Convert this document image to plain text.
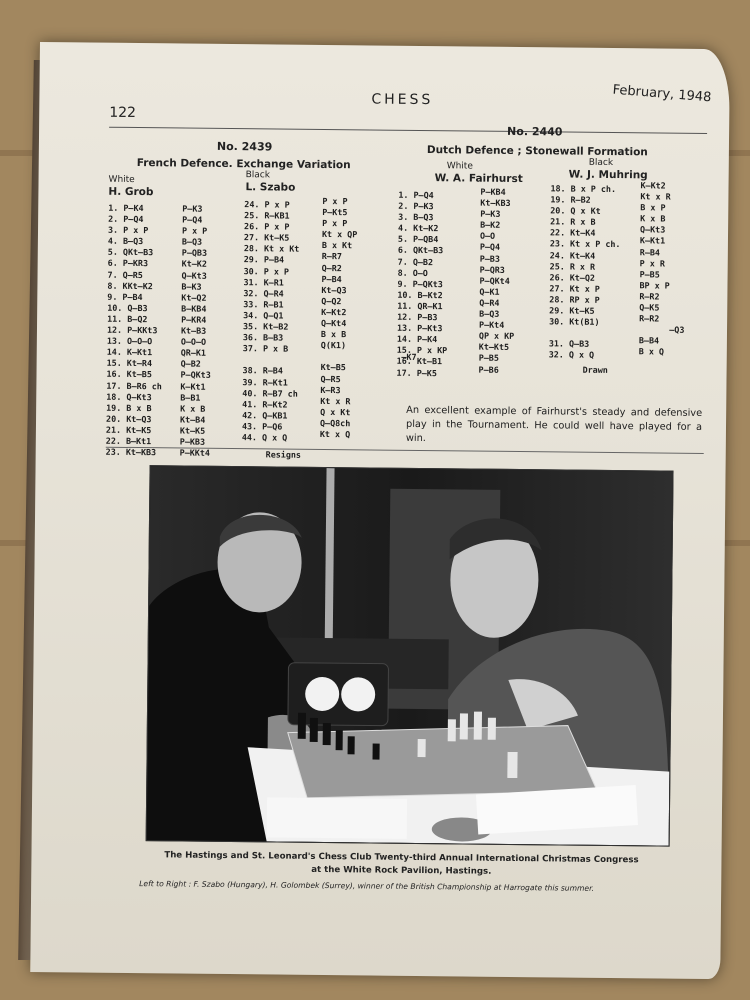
122
CHESS	February, 1948
No. 2439
French Defence. Exchange Variation
White
H. Grob
Black
L. Szabo
1. P—K4
2. P—Q4
3. P x P
4. B—Q3
5. QKt—B3
6. P—KR3
7. Q—R5
8. KKt—K2
9. P—B4
10. Q—B3
11. B—Q2
12. P—KKt3
13. O—O—O
14. K—Kt1
15. Kt—R4
16. Kt—B5
17. B—R6 ch
18. Q—Kt3
19. B x B
20. Kt—Q3
21. Kt—K5
22. B—Kt1
23. Kt—KB3
P—K3
P—Q4
P x P
B—Q3
P—QB3
Kt—K2
Q—Kt3
B—K3
Kt—Q2
B—KB4
P—KR4
Kt—B3
O—O—O
QR—K1
Q—B2
P—QKt3
K—Kt1
B—B1
K x B
Kt—B4
Kt—K5
P—KB3
P—KKt4
24. P x P
25. R—KB1
26. P x P
27. Kt—K5
28. Kt x Kt
29. P—B4
30. P x P
31. K—R1
32. Q—R4
33. R—B1
34. Q—Q1
35. Kt—B2
36. B—B3
37. P x B
38. R—B4
39. R—Kt1
40. R—B7 ch
41. R—Kt2
42. Q—KB1
43. P—Q6
44. Q x Q
P x P
P—Kt5
P x P
Kt x QP
B x Kt
R—R7
Q—R2
P—B4
Kt—Q3
Q—Q2
K—Kt2
Q—Kt4
B x B
Q(K1)
—K7
Kt—B5
Q—R5
K—R3
Kt x R
Q x Kt
Q—Q8ch
Kt x Q
Resigns
No. 2440
Dutch Defence ; Stonewall Formation
White
W. A. Fairhurst
Black
W. J. Muhring
1. P—Q4
2. P—K3
3. B—Q3
4. Kt—K2
5. P—QB4
6. QKt—B3
7. Q—B2
8. O—O
9. P—QKt3
10. B—Kt2
11. QR—K1
12. P—B3
13. P—Kt3
14. P—K4
15. P x KP
16. Kt—B1
17. P—K5
P—KB4
Kt—KB3
P—K3
B—K2
O—O
P—Q4
P—B3
P—QR3
P—QKt4
Q—K1
Q—R4
B—Q3
P—Kt4
QP x KP
Kt—Kt5
P—B5
P—B6
18. B x P ch.
19. R—B2
20. Q x Kt
21. R x B
22. Kt—K4
23. Kt x P ch.
24. Kt—K4
25. R x R
26. Kt—Q2
27. Kt x P
28. RP x P
29. Kt—K5
30. Kt(B1)
31. Q—B3
32. Q x Q
K—Kt2
Kt x R
B x P
K x B
Q—Kt3
K—Kt1
R—B4
P x R
P—B5
BP x P
R—R2
Q—K5
R—R2
—Q3
B—B4
B x Q
Drawn
An excellent example of Fairhurst's steady and defensive play in the Tournament. He could well have played for a win.
The Hastings and St. Leonard's Chess Club Twenty-third Annual International Christmas Congress
at the White Rock Pavilion, Hastings.
Left to Right : F. Szabo (Hungary), H. Golombek (Surrey), winner of the British Championship at Harrogate this summer.
